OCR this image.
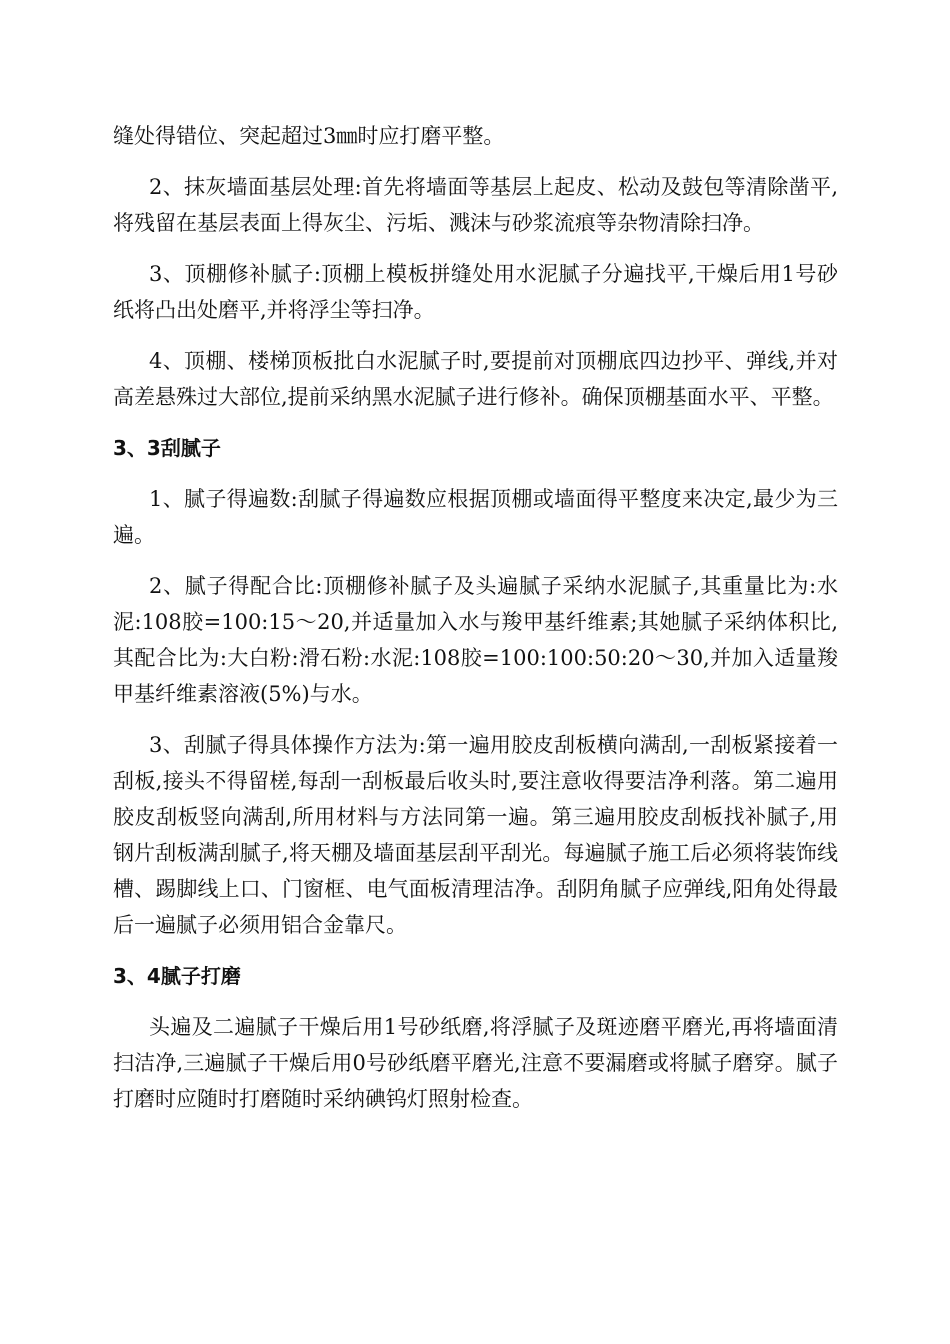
缝处得错位、突起超过3㎜时应打磨平整。

2、抹灰墙面基层处理:首先将墙面等基层上起皮、松动及鼓包等清除凿平,将残留在基层表面上得灰尘、污垢、溅沫与砂浆流痕等杂物清除扫净。

3、顶棚修补腻子:顶棚上模板拼缝处用水泥腻子分遍找平,干燥后用1号砂纸将凸出处磨平,并将浮尘等扫净。

4、顶棚、楼梯顶板批白水泥腻子时,要提前对顶棚底四边抄平、弹线,并对高差悬殊过大部位,提前采纳黑水泥腻子进行修补。确保顶棚基面水平、平整。

3、3刮腻子

1、腻子得遍数:刮腻子得遍数应根据顶棚或墙面得平整度来决定,最少为三遍。

2、腻子得配合比:顶棚修补腻子及头遍腻子采纳水泥腻子,其重量比为:水泥:108胶=100:15～20,并适量加入水与羧甲基纤维素;其她腻子采纳体积比,其配合比为:大白粉:滑石粉:水泥:108胶=100:100:50:20～30,并加入适量羧甲基纤维素溶液(5%)与水。

3、刮腻子得具体操作方法为:第一遍用胶皮刮板横向满刮,一刮板紧接着一刮板,接头不得留槎,每刮一刮板最后收头时,要注意收得要洁净利落。第二遍用胶皮刮板竖向满刮,所用材料与方法同第一遍。第三遍用胶皮刮板找补腻子,用钢片刮板满刮腻子,将天棚及墙面基层刮平刮光。每遍腻子施工后必须将装饰线槽、踢脚线上口、门窗框、电气面板清理洁净。刮阴角腻子应弹线,阳角处得最后一遍腻子必须用铝合金靠尺。

3、4腻子打磨

头遍及二遍腻子干燥后用1号砂纸磨,将浮腻子及斑迹磨平磨光,再将墙面清扫洁净,三遍腻子干燥后用0号砂纸磨平磨光,注意不要漏磨或将腻子磨穿。腻子打磨时应随时打磨随时采纳碘钨灯照射检查。
